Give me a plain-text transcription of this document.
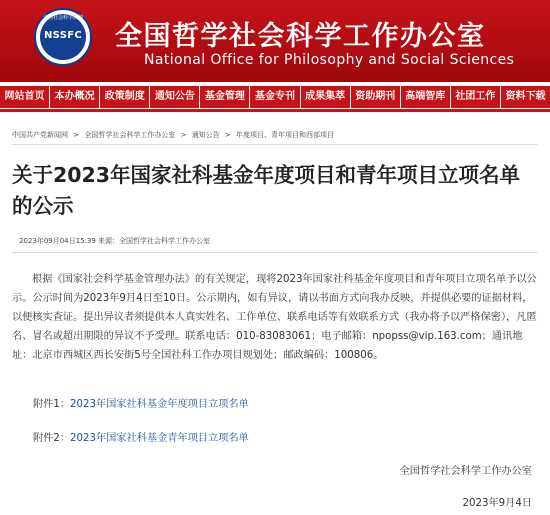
全国社会科学规划
NSSFC 全国哲学社会科学工作办公室
National Office for Philosophy and Social Sciences
网站首页	本办概况	政策制度	通知公告	基金管理	基金专刊	成果集萃	资助期刊	高端智库	社团工作	资料下载
中国共产党新闻网 > 全国哲学社会科学工作办公室 > 通知公告 > 年度项目、青年项目和西部项目
关于2023年国家社科基金年度项目和青年项目立项名单的公示
2023年09月04日15:39 来源：全国哲学社会科学工作办公室

根据《国家社会科学基金管理办法》的有关规定，现将2023年国家社科基金年度项目和青年项目立项名单予以公示。公示时间为2023年9月4日至10日。公示期内，如有异议，请以书面方式向我办反映，并提供必要的证据材料，以便核实查证。提出异议者须提供本人真实姓名、工作单位、联系电话等有效联系方式（我办将予以严格保密），凡匿名、冒名或超出期限的异议不予受理。联系电话：010-83083061；电子邮箱：npopss@vip.163.com；通讯地址：北京市西城区西长安街5号全国社科工作办项目规划处；邮政编码：100806。

附件1：2023年国家社科基金年度项目立项名单
附件2：2023年国家社科基金青年项目立项名单
全国哲学社会科学工作办公室
2023年9月4日
